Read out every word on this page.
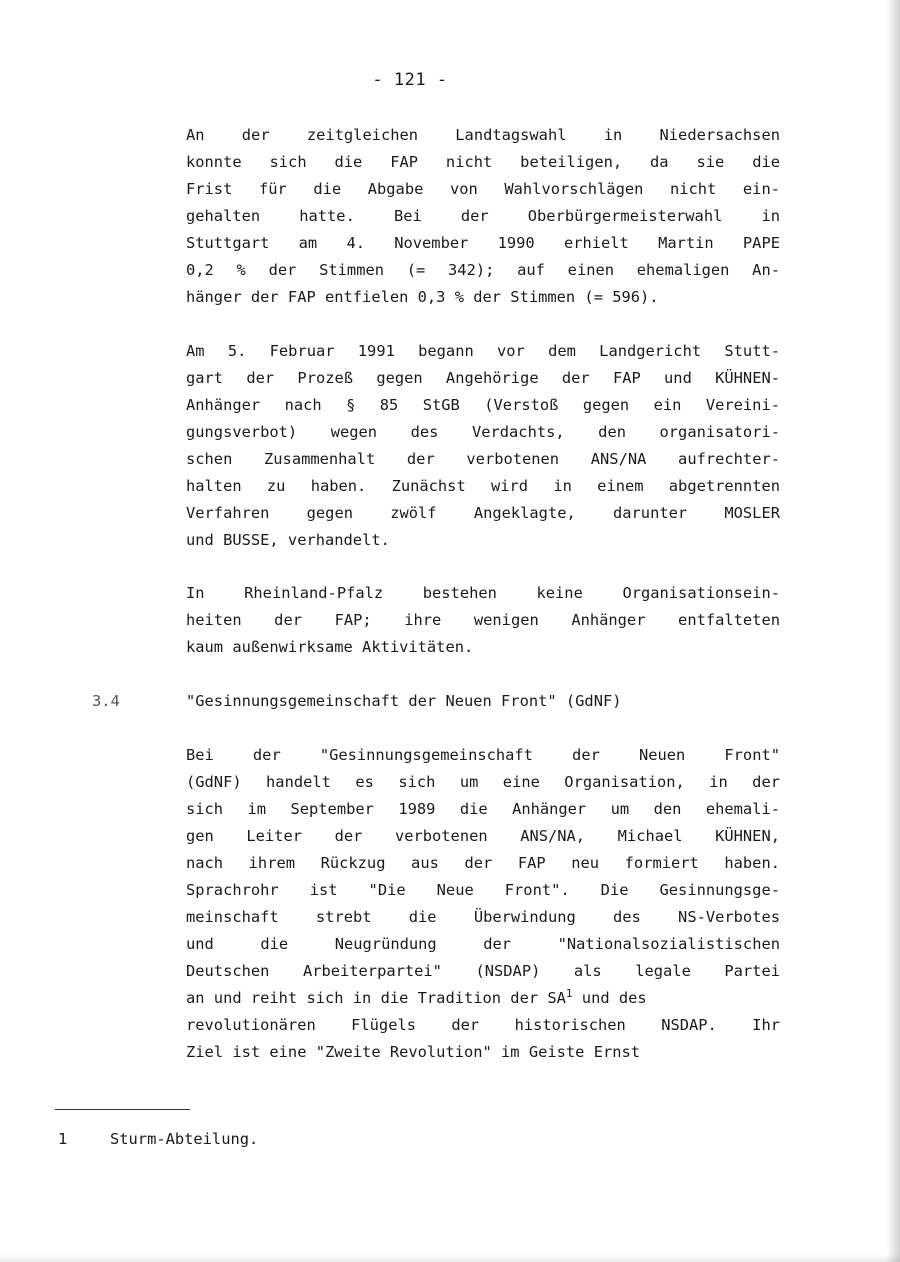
- 121 -
An der zeitgleichen Landtagswahl in Niedersachsen
konnte sich die FAP nicht beteiligen, da sie die
Frist für die Abgabe von Wahlvorschlägen nicht ein-
gehalten hatte. Bei der Oberbürgermeisterwahl in
Stuttgart am 4. November 1990 erhielt Martin PAPE
0,2 % der Stimmen (= 342); auf einen ehemaligen An-
hänger der FAP entfielen 0,3 % der Stimmen (= 596).
Am 5. Februar 1991 begann vor dem Landgericht Stutt-
gart der Prozeß gegen Angehörige der FAP und KÜHNEN-
Anhänger nach § 85 StGB (Verstoß gegen ein Vereini-
gungsverbot) wegen des Verdachts, den organisatori-
schen Zusammenhalt der verbotenen ANS/NA aufrechter-
halten zu haben. Zunächst wird in einem abgetrennten
Verfahren gegen zwölf Angeklagte, darunter MOSLER
und BUSSE, verhandelt.
In Rheinland-Pfalz bestehen keine Organisationsein-
heiten der FAP; ihre wenigen Anhänger entfalteten
kaum außenwirksame Aktivitäten.
3.4	"Gesinnungsgemeinschaft der Neuen Front" (GdNF)
Bei der "Gesinnungsgemeinschaft der Neuen Front"
(GdNF) handelt es sich um eine Organisation, in der
sich im September 1989 die Anhänger um den ehemali-
gen Leiter der verbotenen ANS/NA, Michael KÜHNEN,
nach ihrem Rückzug aus der FAP neu formiert haben.
Sprachrohr ist "Die Neue Front". Die Gesinnungsge-
meinschaft strebt die Überwindung des NS-Verbotes
und die Neugründung der "Nationalsozialistischen
Deutschen Arbeiterpartei" (NSDAP) als legale Partei
an und reiht sich in die Tradition der $SA^1$ und des
revolutionären Flügels der historischen NSDAP. Ihr
Ziel ist eine "Zweite Revolution" im Geiste Ernst
1	Sturm-Abteilung.
